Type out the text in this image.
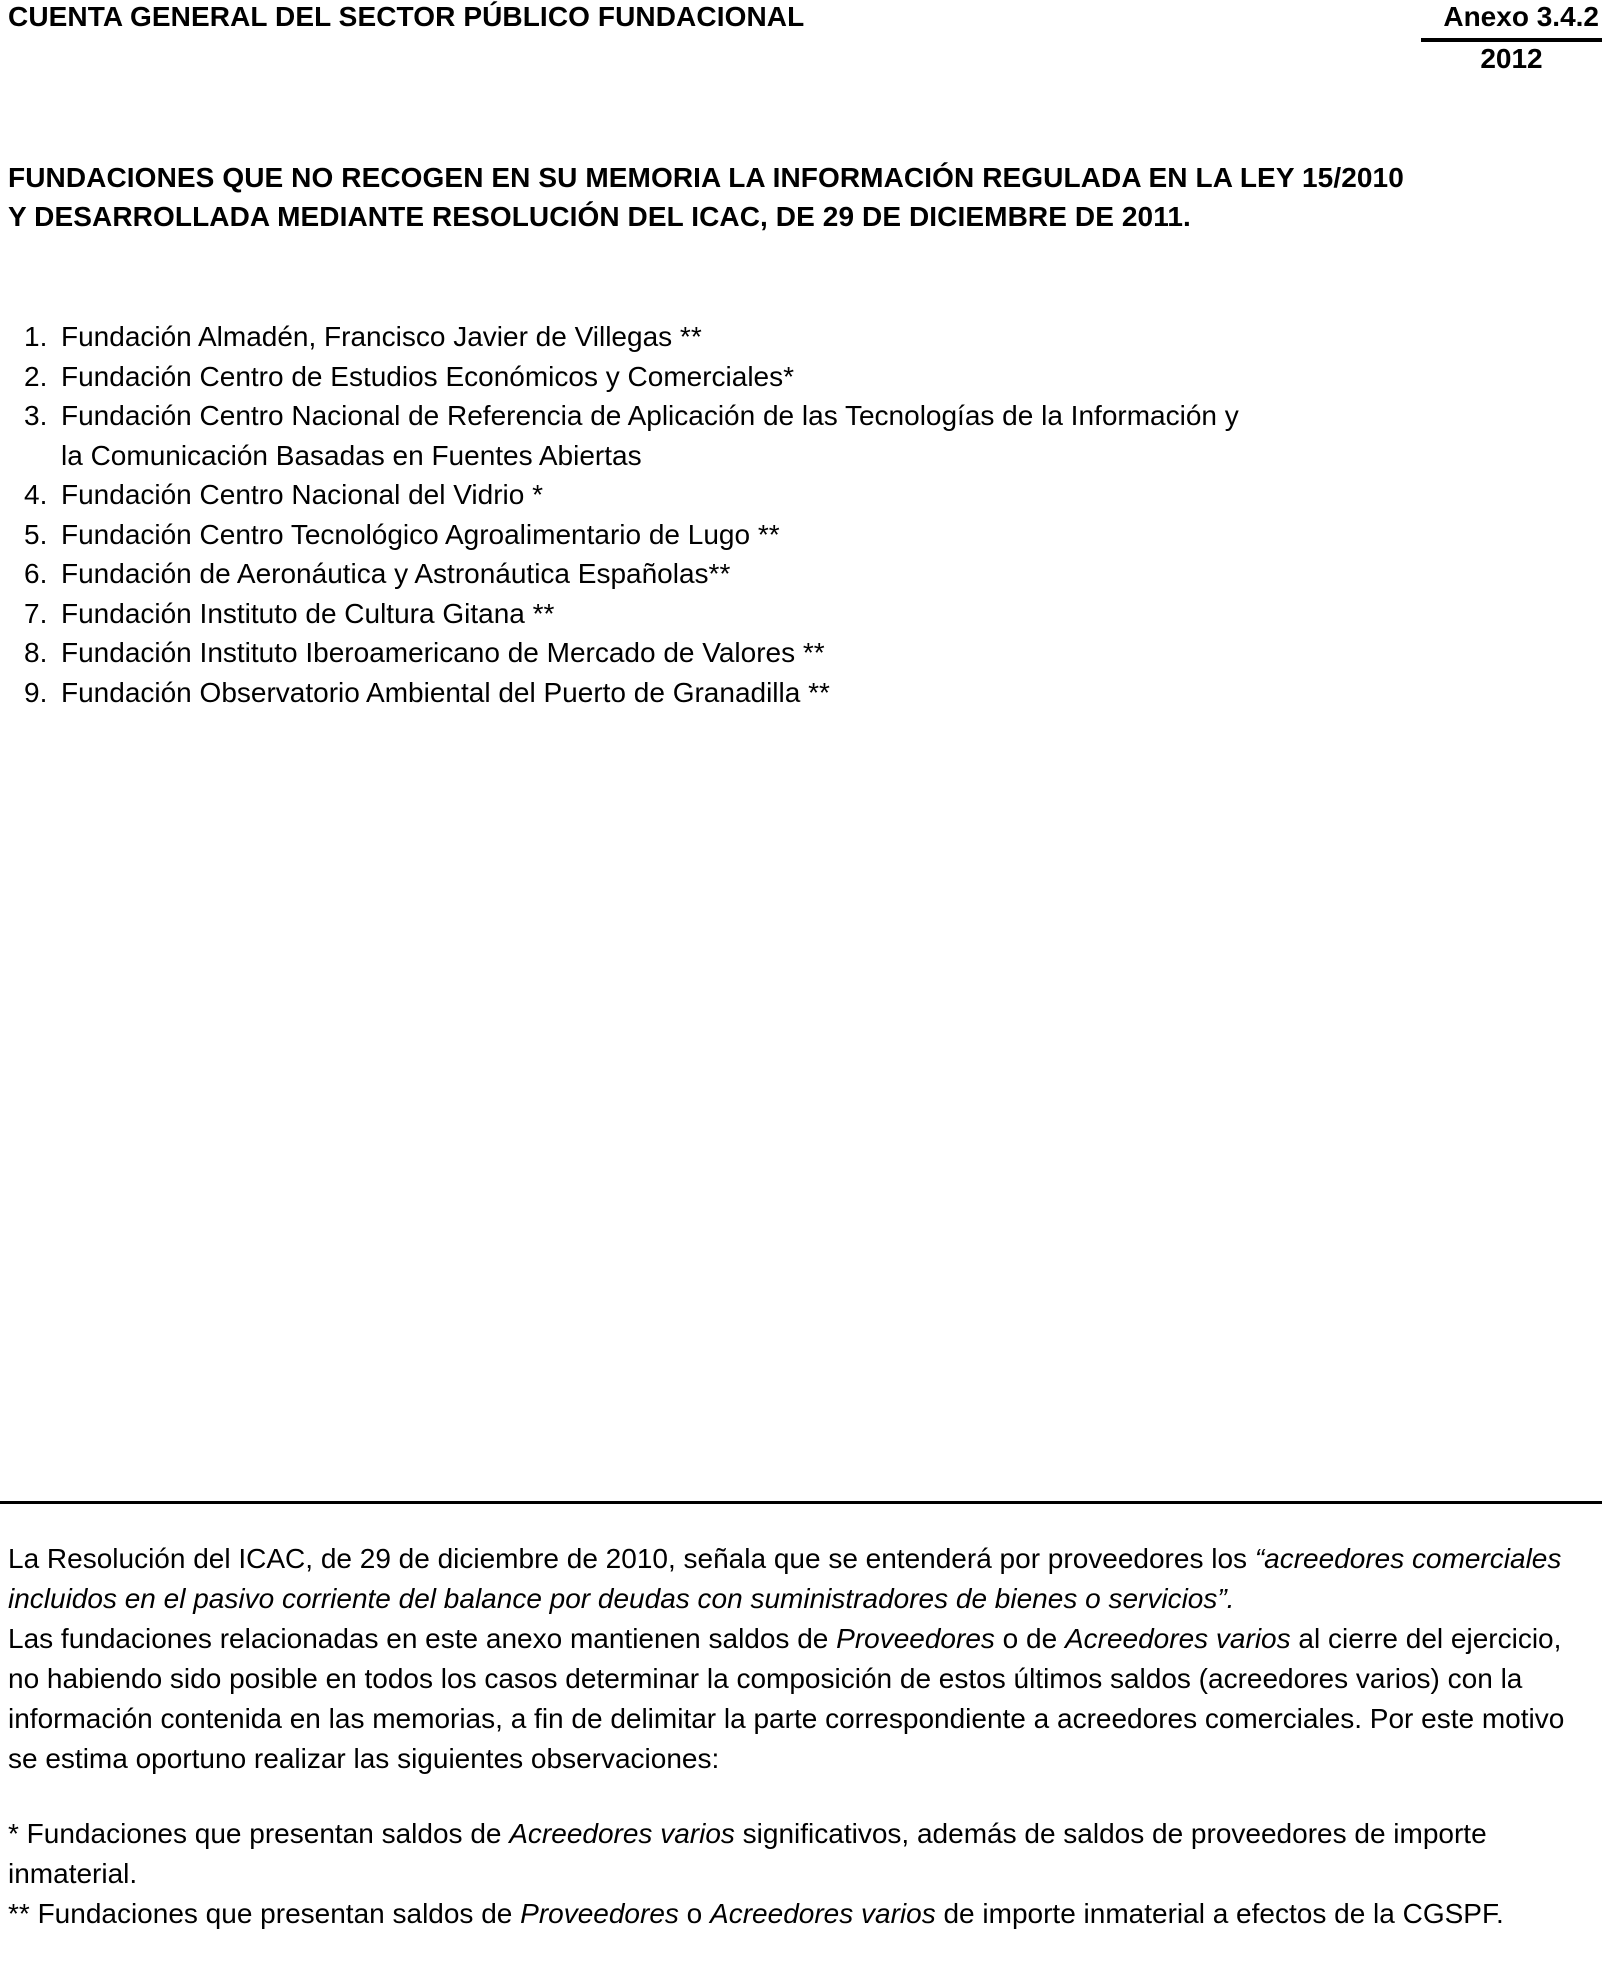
CUENTA GENERAL DEL SECTOR PÚBLICO FUNDACIONAL	Anexo 3.4.2
2012
FUNDACIONES QUE NO RECOGEN EN SU MEMORIA LA INFORMACIÓN REGULADA EN LA LEY 15/2010
Y DESARROLLADA MEDIANTE RESOLUCIÓN DEL ICAC, DE 29 DE DICIEMBRE DE 2011.
1. Fundación Almadén, Francisco Javier de Villegas **
2. Fundación Centro de Estudios Económicos y Comerciales*
3. Fundación Centro Nacional de Referencia de Aplicación de las Tecnologías de la Información y
la Comunicación Basadas en Fuentes Abiertas
4. Fundación Centro Nacional del Vidrio *
5. Fundación Centro Tecnológico Agroalimentario de Lugo **
6. Fundación de Aeronáutica y Astronáutica Españolas**
7. Fundación Instituto de Cultura Gitana **
8. Fundación Instituto Iberoamericano de Mercado de Valores **
9. Fundación Observatorio Ambiental del Puerto de Granadilla **

La Resolución del ICAC, de 29 de diciembre de 2010, señala que se entenderá por proveedores los “acreedores comerciales incluidos en el pasivo corriente del balance por deudas con suministradores de bienes o servicios”.

Las fundaciones relacionadas en este anexo mantienen saldos de Proveedores o de Acreedores varios al cierre del ejercicio, no habiendo sido posible en todos los casos determinar la composición de estos últimos saldos (acreedores varios) con la información contenida en las memorias, a fin de delimitar la parte correspondiente a acreedores comerciales. Por este motivo se estima oportuno realizar las siguientes observaciones:

* Fundaciones que presentan saldos de Acreedores varios significativos, además de saldos de proveedores de importe inmaterial.

** Fundaciones que presentan saldos de Proveedores o Acreedores varios de importe inmaterial a efectos de la CGSPF.
